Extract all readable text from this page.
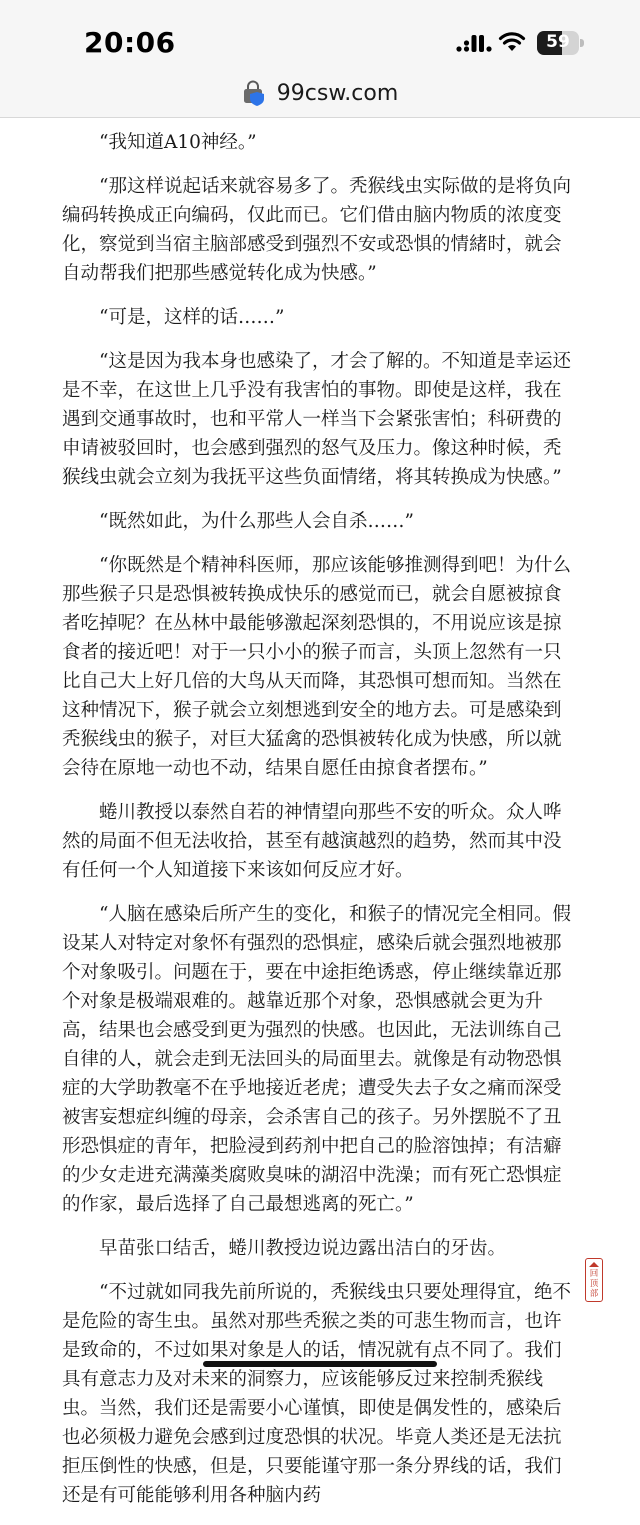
20:06	59
99csw.com

“我知道A10神经。”

“那这样说起话来就容易多了。秃猴线虫实际做的是将负向编码转换成正向编码，仅此而已。它们借由脑内物质的浓度变化，察觉到当宿主脑部感受到强烈不安或恐惧的情緒时，就会自动帮我们把那些感觉转化成为快感。”

“可是，这样的话……”

“这是因为我本身也感染了，才会了解的。不知道是幸运还是不幸，在这世上几乎没有我害怕的事物。即使是这样，我在遇到交通事故时，也和平常人一样当下会紧张害怕；科研费的申请被驳回时，也会感到强烈的怒气及压力。像这种时候，秃猴线虫就会立刻为我抚平这些负面情绪，将其转换成为快感。”

“既然如此，为什么那些人会自杀……”

“你既然是个精神科医师，那应该能够推测得到吧！为什么那些猴子只是恐惧被转换成快乐的感觉而已，就会自愿被掠食者吃掉呢？在丛林中最能够激起深刻恐惧的，不用说应该是掠食者的接近吧！对于一只小小的猴子而言，头顶上忽然有一只比自己大上好几倍的大鸟从天而降，其恐惧可想而知。当然在这种情况下，猴子就会立刻想逃到安全的地方去。可是感染到秃猴线虫的猴子，对巨大猛禽的恐惧被转化成为快感，所以就会待在原地一动也不动，结果自愿任由掠食者摆布。”

蜷川教授以泰然自若的神情望向那些不安的听众。众人哗然的局面不但无法收拾，甚至有越演越烈的趋势，然而其中没有任何一个人知道接下来该如何反应才好。

“人脑在感染后所产生的变化，和猴子的情况完全相同。假设某人对特定对象怀有强烈的恐惧症，感染后就会强烈地被那个对象吸引。问题在于，要在中途拒绝诱惑，停止继续靠近那个对象是极端艰难的。越靠近那个对象，恐惧感就会更为升高，结果也会感受到更为强烈的快感。也因此，无法训练自己自律的人，就会走到无法回头的局面里去。就像是有动物恐惧症的大学助教毫不在乎地接近老虎；遭受失去子女之痛而深受被害妄想症纠缠的母亲，会杀害自己的孩子。另外摆脱不了丑形恐惧症的青年，把脸浸到药剂中把自己的脸溶蚀掉；有洁癖的少女走进充满藻类腐败臭味的湖沼中洗澡；而有死亡恐惧症的作家，最后选择了自己最想逃离的死亡。”

早苗张口结舌，蜷川教授边说边露出洁白的牙齿。

“不过就如同我先前所说的，秃猴线虫只要处理得宜，绝不是危险的寄生虫。虽然对那些秃猴之类的可悲生物而言，也许是致命的，不过如果对象是人的话，情况就有点不同了。我们具有意志力及对未来的洞察力，应该能够反过来控制秃猴线虫。当然，我们还是需要小心谨慎，即使是偶发性的，感染后也必须极力避免会感到过度恐惧的状况。毕竟人类还是无法抗拒压倒性的快感，但是，只要能谨守那一条分界线的话，我们还是有可能能够利用各种脑内药

回顶部
